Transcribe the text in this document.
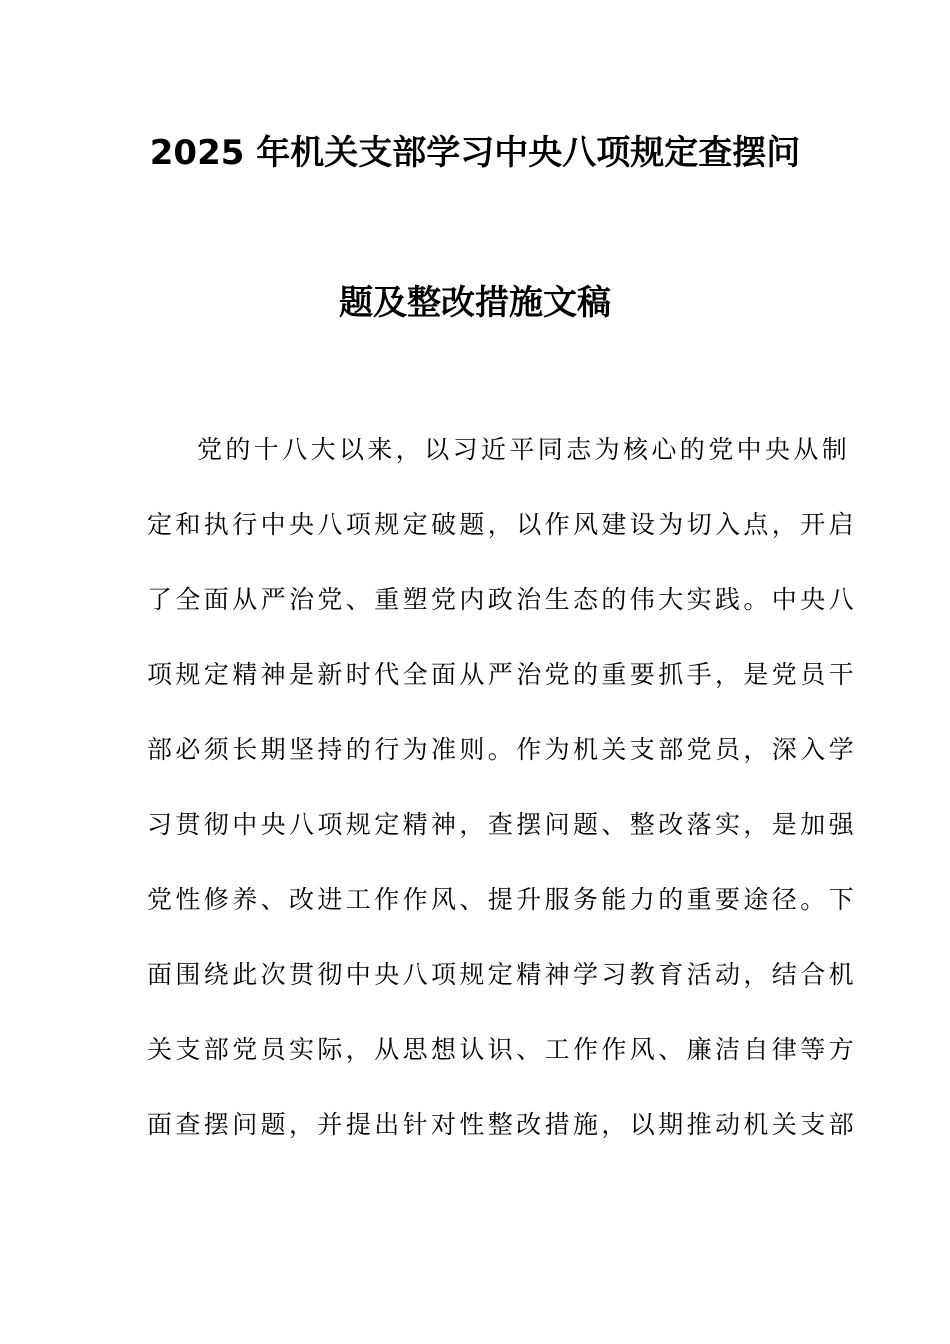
2025 年机关支部学习中央八项规定查摆问
题及整改措施文稿
党的十八大以来，以习近平同志为核心的党中央从制
定和执行中央八项规定破题，以作风建设为切入点，开启
了全面从严治党、重塑党内政治生态的伟大实践。中央八
项规定精神是新时代全面从严治党的重要抓手，是党员干
部必须长期坚持的行为准则。作为机关支部党员，深入学
习贯彻中央八项规定精神，查摆问题、整改落实，是加强
党性修养、改进工作作风、提升服务能力的重要途径。下
面围绕此次贯彻中央八项规定精神学习教育活动，结合机
关支部党员实际，从思想认识、工作作风、廉洁自律等方
面查摆问题，并提出针对性整改措施，以期推动机关支部
